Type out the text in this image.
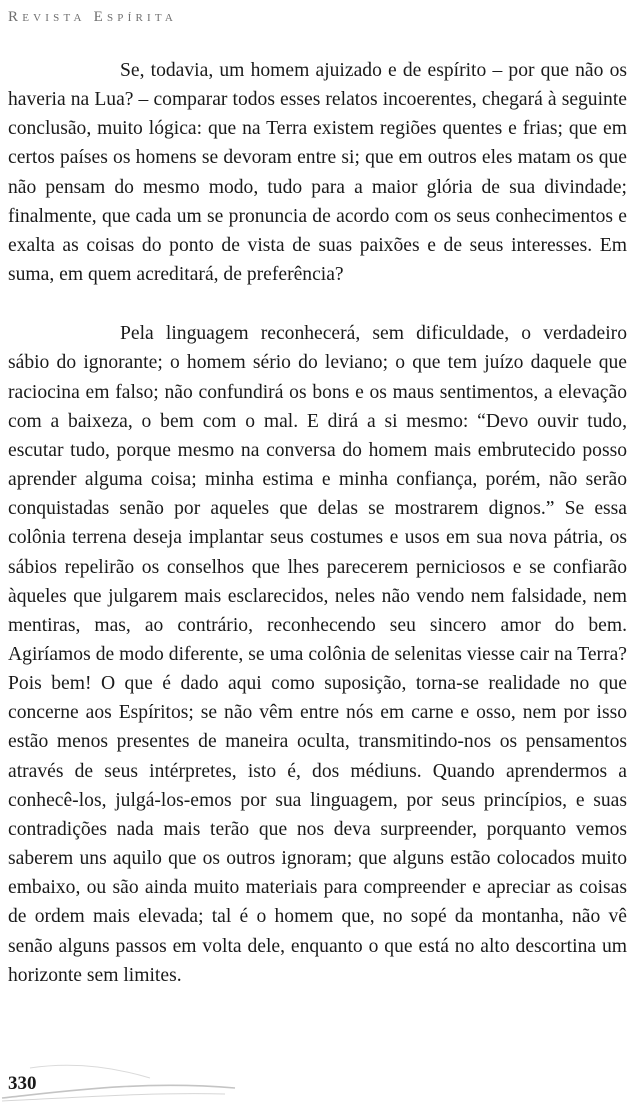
Revista Espírita

Se, todavia, um homem ajuizado e de espírito – por que não os haveria na Lua? – comparar todos esses relatos incoerentes, chegará à seguinte conclusão, muito lógica: que na Terra existem regiões quentes e frias; que em certos países os homens se devoram entre si; que em outros eles matam os que não pensam do mesmo modo, tudo para a maior glória de sua divindade; finalmente, que cada um se pronuncia de acordo com os seus conhecimentos e exalta as coisas do ponto de vista de suas paixões e de seus interesses. Em suma, em quem acreditará, de preferência?

Pela linguagem reconhecerá, sem dificuldade, o verdadeiro sábio do ignorante; o homem sério do leviano; o que tem juízo daquele que raciocina em falso; não confundirá os bons e os maus sentimentos, a elevação com a baixeza, o bem com o mal. E dirá a si mesmo: “Devo ouvir tudo, escutar tudo, porque mesmo na conversa do homem mais embrutecido posso aprender alguma coisa; minha estima e minha confiança, porém, não serão conquistadas senão por aqueles que delas se mostrarem dignos.” Se essa colônia terrena deseja implantar seus costumes e usos em sua nova pátria, os sábios repelirão os conselhos que lhes parecerem perniciosos e se confiarão àqueles que julgarem mais esclarecidos, neles não vendo nem falsidade, nem mentiras, mas, ao contrário, reconhecendo seu sincero amor do bem. Agiríamos de modo diferente, se uma colônia de selenitas viesse cair na Terra? Pois bem! O que é dado aqui como suposição, torna-se realidade no que concerne aos Espíritos; se não vêm entre nós em carne e osso, nem por isso estão menos presentes de maneira oculta, transmitindo-nos os pensamentos através de seus intérpretes, isto é, dos médiuns. Quando aprendermos a conhecê-los, julgá-los-emos por sua linguagem, por seus princípios, e suas contradições nada mais terão que nos deva surpreender, porquanto vemos saberem uns aquilo que os outros ignoram; que alguns estão colocados muito embaixo, ou são ainda muito materiais para compreender e apreciar as coisas de ordem mais elevada; tal é o homem que, no sopé da montanha, não vê senão alguns passos em volta dele, enquanto o que está no alto descortina um horizonte sem limites.

330
